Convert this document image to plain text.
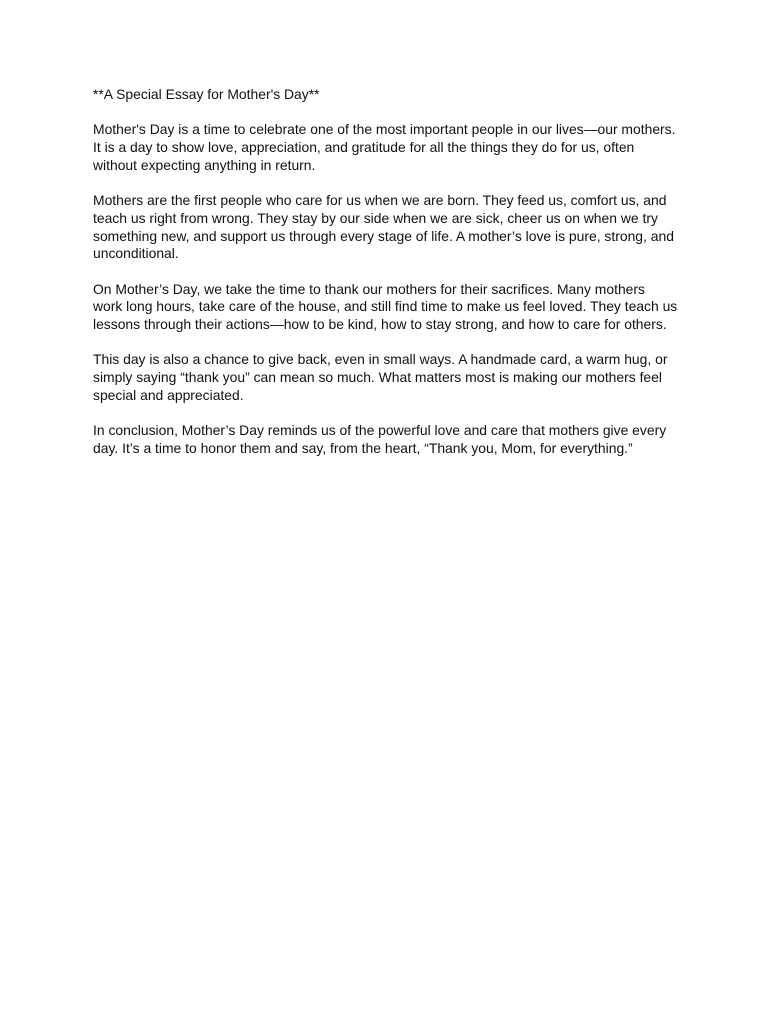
**A Special Essay for Mother's Day**

Mother's Day is a time to celebrate one of the most important people in our lives—our mothers. It is a day to show love, appreciation, and gratitude for all the things they do for us, often without expecting anything in return.

Mothers are the first people who care for us when we are born. They feed us, comfort us, and teach us right from wrong. They stay by our side when we are sick, cheer us on when we try something new, and support us through every stage of life. A mother’s love is pure, strong, and unconditional.

On Mother’s Day, we take the time to thank our mothers for their sacrifices. Many mothers work long hours, take care of the house, and still find time to make us feel loved. They teach us lessons through their actions—how to be kind, how to stay strong, and how to care for others.

This day is also a chance to give back, even in small ways. A handmade card, a warm hug, or simply saying “thank you” can mean so much. What matters most is making our mothers feel special and appreciated.

In conclusion, Mother’s Day reminds us of the powerful love and care that mothers give every day. It’s a time to honor them and say, from the heart, “Thank you, Mom, for everything.”
